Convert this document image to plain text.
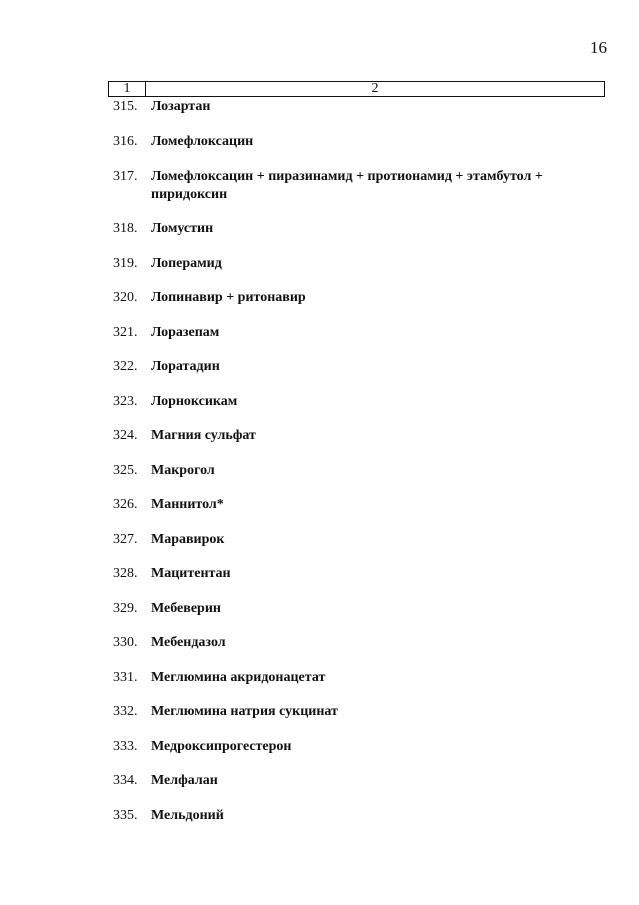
16
1	2
315. Лозартан
316. Ломефлоксацин
317. Ломефлоксацин + пиразинамид + протионамид + этамбутол + пиридоксин
318. Ломустин
319. Лоперамид
320. Лопинавир + ритонавир
321. Лоразепам
322. Лоратадин
323. Лорноксикам
324. Магния сульфат
325. Макрогол
326. Маннитол*
327. Маравирок
328. Мацитентан
329. Мебеверин
330. Мебендазол
331. Меглюмина акридонацетат
332. Меглюмина натрия сукцинат
333. Медроксипрогестерон
334. Мелфалан
335. Мельдоний
